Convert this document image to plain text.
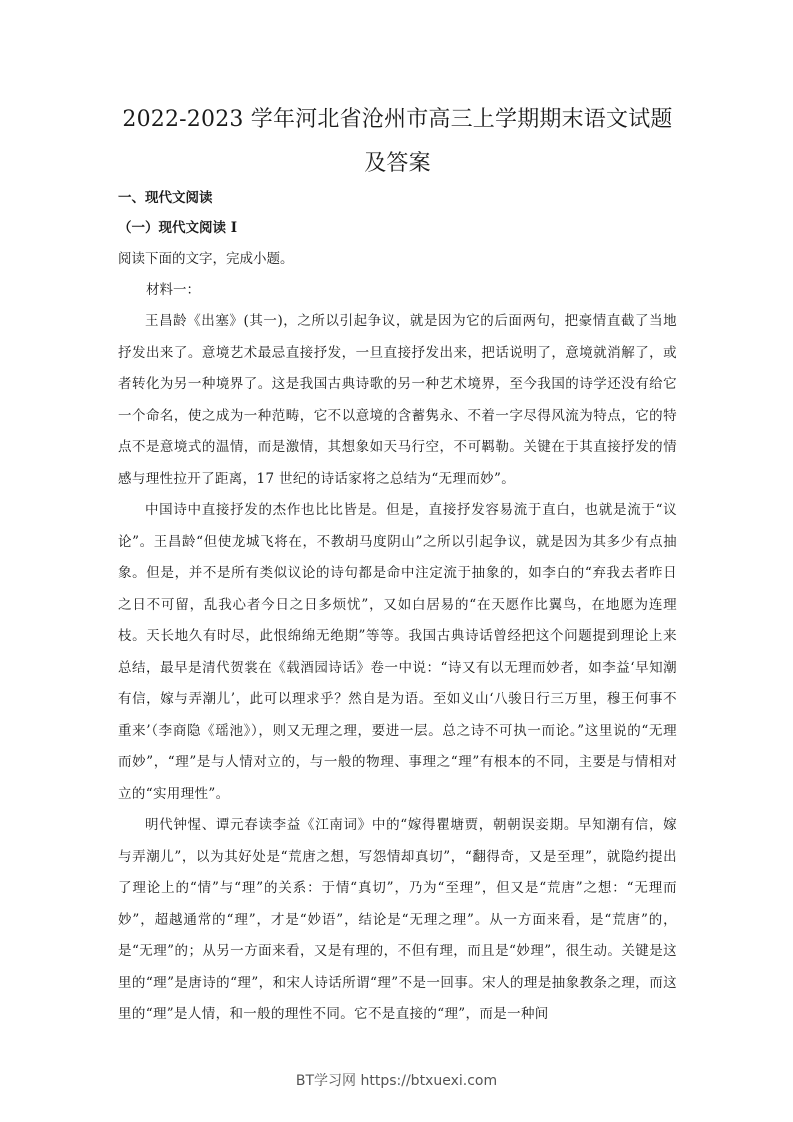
2022-2023 学年河北省沧州市高三上学期期末语文试题及答案
一、现代文阅读
（一）现代文阅读 I

阅读下面的文字，完成小题。

材料一：

王昌龄《出塞》(其一)，之所以引起争议，就是因为它的后面两句，把豪情直截了当地抒发出来了。意境艺术最忌直接抒发，一旦直接抒发出来，把话说明了，意境就消解了，或者转化为另一种境界了。这是我国古典诗歌的另一种艺术境界，至今我国的诗学还没有给它一个命名，使之成为一种范畴，它不以意境的含蓄隽永、不着一字尽得风流为特点，它的特点不是意境式的温情，而是激情，其想象如天马行空，不可羁勒。关键在于其直接抒发的情感与理性拉开了距离，17 世纪的诗话家将之总结为“无理而妙”。

中国诗中直接抒发的杰作也比比皆是。但是，直接抒发容易流于直白，也就是流于“议论”。王昌龄“但使龙城飞将在，不教胡马度阴山”之所以引起争议，就是因为其多少有点抽象。但是，并不是所有类似议论的诗句都是命中注定流于抽象的，如李白的“弃我去者昨日之日不可留，乱我心者今日之日多烦忧”，又如白居易的“在天愿作比翼鸟，在地愿为连理枝。天长地久有时尽，此恨绵绵无绝期”等等。我国古典诗话曾经把这个问题提到理论上来总结，最早是清代贺裳在《载酒园诗话》卷一中说：“诗又有以无理而妙者，如李益‘早知潮有信，嫁与弄潮儿’，此可以理求乎？然自是为语。至如义山‘八骏日行三万里，穆王何事不重来’（李商隐《瑶池》），则又无理之理，要进一层。总之诗不可执一而论。”这里说的“无理而妙”，“理”是与人情对立的，与一般的物理、事理之“理”有根本的不同，主要是与情相对立的“实用理性”。

明代钟惺、谭元春读李益《江南词》中的“嫁得瞿塘贾，朝朝误妾期。早知潮有信，嫁与弄潮儿”，以为其好处是“荒唐之想，写怨情却真切”，“翻得奇，又是至理”，就隐约提出了理论上的“情”与“理”的关系：于情“真切”，乃为“至理”，但又是“荒唐”之想：“无理而妙”，超越通常的“理”，才是“妙语”，结论是“无理之理”。从一方面来看，是“荒唐”的，是“无理”的；从另一方面来看，又是有理的，不但有理，而且是“妙理”，很生动。关键是这里的“理”是唐诗的“理”，和宋人诗话所谓“理”不是一回事。宋人的理是抽象教条之理，而这里的“理”是人情，和一般的理性不同。它不是直接的“理”，而是一种间

BT学习网 https://btxuexi.com
